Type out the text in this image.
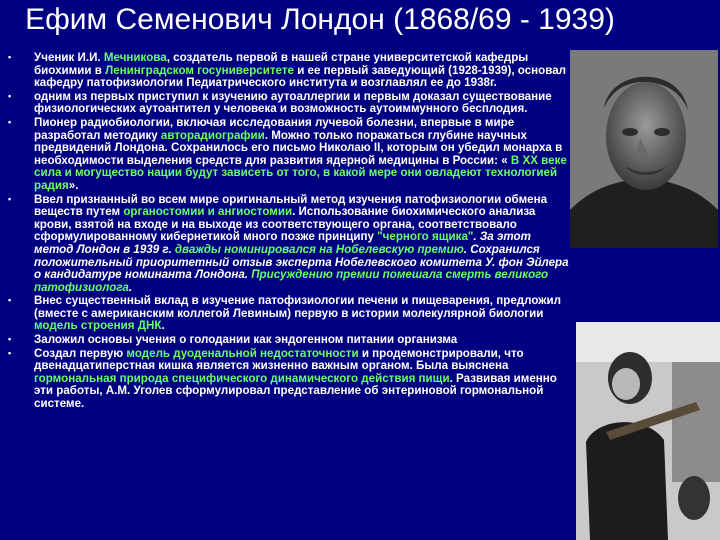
Ефим Семенович Лондон (1868/69 - 1939)
• Ученик И.И. Мечникова, создатель первой в нашей стране университетской кафедры биохимии в Ленинградском госуниверситете и ее первый заведующий (1928-1939), основал кафедру патофизиологии Педиатрического института и возглавлял ее до 1938г.
• одним из первых приступил к изучению аутоаллергии и первым доказал существование физиологических аутоантител у человека и возможность аутоиммунного бесплодия.
• Пионер радиобиологии, включая исследования лучевой болезни, впервые в мире разработал методику авторадиографии. Можно только поражаться глубине научных предвидений Лондона. Сохранилось его письмо Николаю II, которым он убедил монарха в необходимости выделения средств для развития ядерной медицины в России: « В XX веке сила и могущество нации будут зависеть от того, в какой мере они овладеют технологией радия».
• Ввел признанный во всем мире оригинальный метод изучения патофизиологии обмена веществ путем органостомии и ангиостомии. Использование биохимического анализа крови, взятой на входе и на выходе из соответствующего органа, соответствовало сформулированному кибернетикой много позже принципу "черного ящика". За этот метод Лондон в 1939 г. дважды номинировался на Нобелевскую премию. Сохранился положительный приоритетный отзыв эксперта Нобелевского комитета У. фон Эйлера о кандидатуре номинанта Лондона. Присуждению премии помешала смерть великого патофизиолога.
• Внес существенный вклад в изучение патофизиологии печени и пищеварения, предложил (вместе с американским коллегой Левиным) первую в истории молекулярной биологии модель строения ДНК.
• Заложил основы учения о голодании как эндогенном питании организма
• Создал первую модель дуоденальной недостаточности и продемонстрировали, что двенадцатиперстная кишка является жизненно важным органом. Была выяснена гормональная природа специфического динамического действия пищи. Развивая именно эти работы, А.М. Уголев сформулировал представление об энтериновой гормональной системе.
